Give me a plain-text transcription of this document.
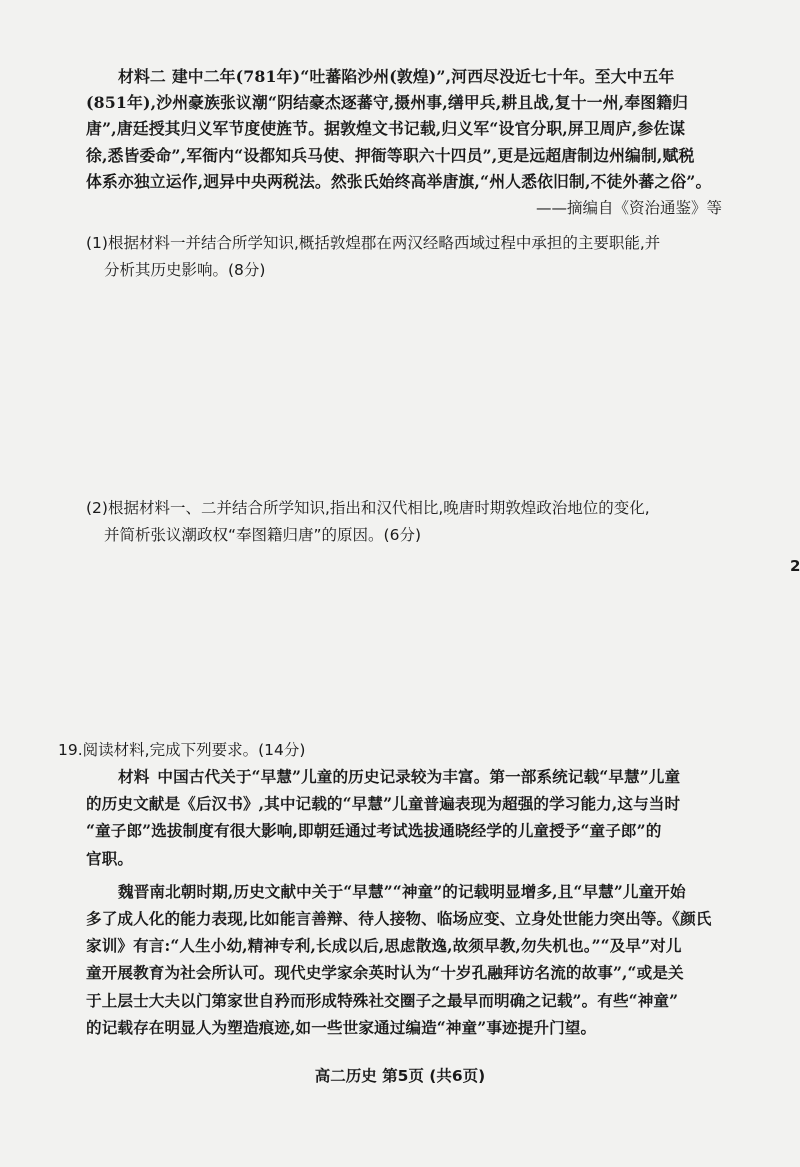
材料二 建中二年(781年)“吐蕃陷沙州(敦煌)”,河西尽没近七十年。至大中五年
(851年),沙州豪族张议潮“阴结豪杰逐蕃守,摄州事,缮甲兵,耕且战,复十一州,奉图籍归
唐”,唐廷授其归义军节度使旌节。据敦煌文书记载,归义军“设官分职,屏卫周庐,参佐谋
徐,悉皆委命”,军衙内“设都知兵马使、押衙等职六十四员”,更是远超唐制边州编制,赋税
体系亦独立运作,迥异中央两税法。然张氏始终高举唐旗,“州人悉依旧制,不徒外蕃之俗”。
——摘编自《资治通鉴》等
(1)根据材料一并结合所学知识,概括敦煌郡在两汉经略西域过程中承担的主要职能,并
分析其历史影响。(8分)
(2)根据材料一、二并结合所学知识,指出和汉代相比,晚唐时期敦煌政治地位的变化,
并简析张议潮政权“奉图籍归唐”的原因。(6分)
2
19.阅读材料,完成下列要求。(14分)
材料 中国古代关于“早慧”儿童的历史记录较为丰富。第一部系统记载“早慧”儿童
的历史文献是《后汉书》,其中记载的“早慧”儿童普遍表现为超强的学习能力,这与当时
“童子郎”选拔制度有很大影响,即朝廷通过考试选拔通晓经学的儿童授予“童子郎”的
官职。
魏晋南北朝时期,历史文献中关于“早慧”“神童”的记载明显增多,且“早慧”儿童开始
多了成人化的能力表现,比如能言善辩、待人接物、临场应变、立身处世能力突出等。《颜氏
家训》有言:“人生小幼,精神专利,长成以后,思虑散逸,故须早教,勿失机也。”“及早”对儿
童开展教育为社会所认可。现代史学家余英时认为“十岁孔融拜访名流的故事”,“或是关
于上层士大夫以门第家世自矜而形成特殊社交圈子之最早而明确之记载”。有些“神童”
的记载存在明显人为塑造痕迹,如一些世家通过编造“神童”事迹提升门望。
高二历史 第5页 (共6页)
